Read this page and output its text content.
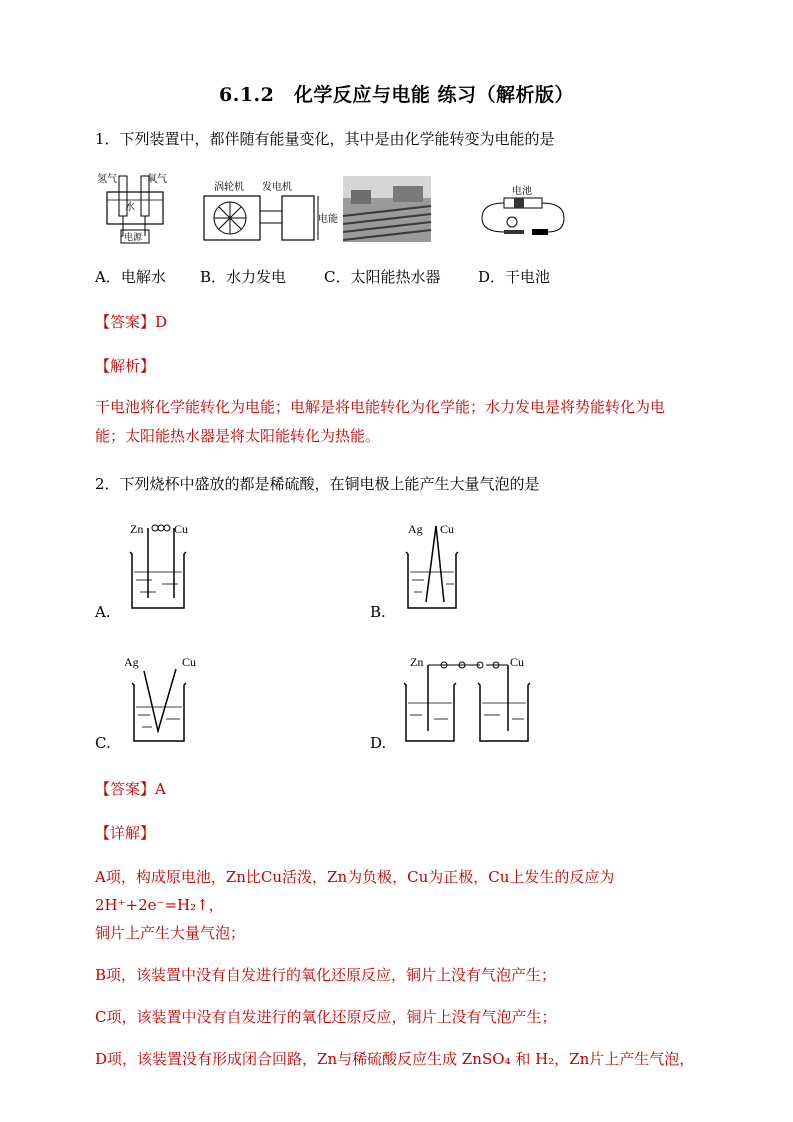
6.1.2　化学反应与电能 练习（解析版）
1．下列装置中，都伴随有能量变化，其中是由化学能转变为电能的是
氢气	氧气
水
电源
涡轮机 发电机
电能
电池
A．电解水 B．水力发电	C．太阳能热水器	D．干电池
【答案】D
【解析】
干电池将化学能转化为电能；电解是将电能转化为化学能；水力发电是将势能转化为电
能；太阳能热水器是将太阳能转化为热能。
2．下列烧杯中盛放的都是稀硫酸，在铜电极上能产生大量气泡的是
Zn	Cu
A.
Ag Cu
B.
Ag	Cu
C.
Zn	Cu
D.
【答案】A
【详解】
A项，构成原电池，Zn比Cu活泼，Zn为负极，Cu为正极，Cu上发生的反应为 2H⁺+2e⁻=H₂↑，
铜片上产生大量气泡；
B项，该装置中没有自发进行的氧化还原反应，铜片上没有气泡产生；
C项，该装置中没有自发进行的氧化还原反应，铜片上没有气泡产生；
D项，该装置没有形成闭合回路，Zn与稀硫酸反应生成 ZnSO₄ 和 H₂，Zn片上产生气泡，
